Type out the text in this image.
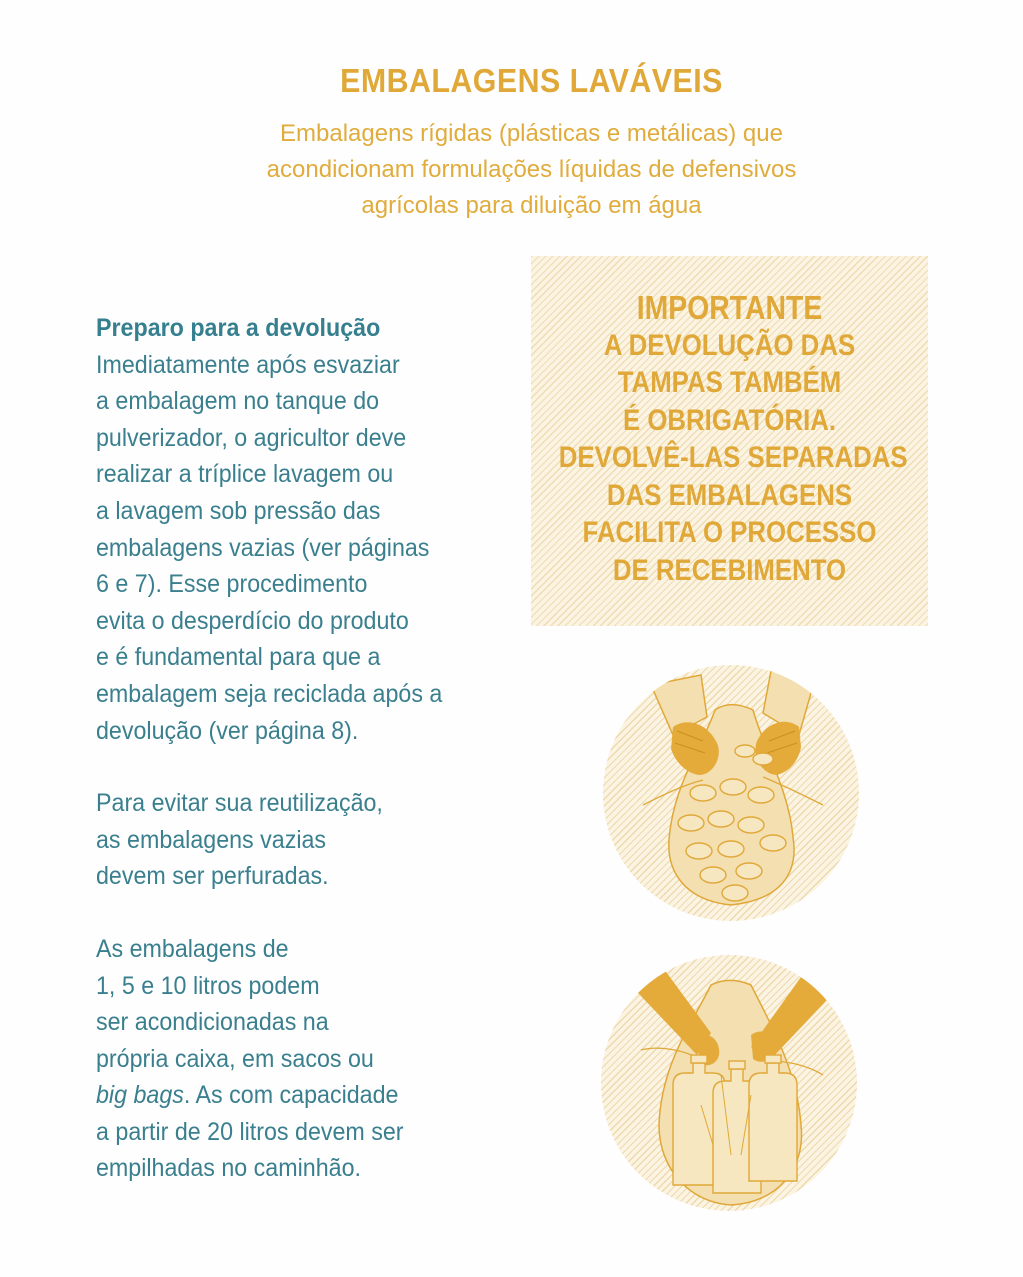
EMBALAGENS LAVÁVEIS
Embalagens rígidas (plásticas e metálicas) que
acondicionam formulações líquidas de defensivos
agrícolas para diluição em água
Preparo para a devolução
Imediatamente após esvaziar
a embalagem no tanque do
pulverizador, o agricultor deve
realizar a tríplice lavagem ou
a lavagem sob pressão das
embalagens vazias (ver páginas
6 e 7). Esse procedimento
evita o desperdício do produto
e é fundamental para que a
embalagem seja reciclada após a
devolução (ver página 8).
Para evitar sua reutilização,
as embalagens vazias
devem ser perfuradas.
As embalagens de
1, 5 e 10 litros podem
ser acondicionadas na
própria caixa, em sacos ou
big bags. As com capacidade
a partir de 20 litros devem ser
empilhadas no caminhão.
IMPORTANTE
A DEVOLUÇÃO DAS
TAMPAS TAMBÉM
É OBRIGATÓRIA.
DEVOLVÊ-LAS SEPARADAS
DAS EMBALAGENS
FACILITA O PROCESSO
DE RECEBIMENTO
